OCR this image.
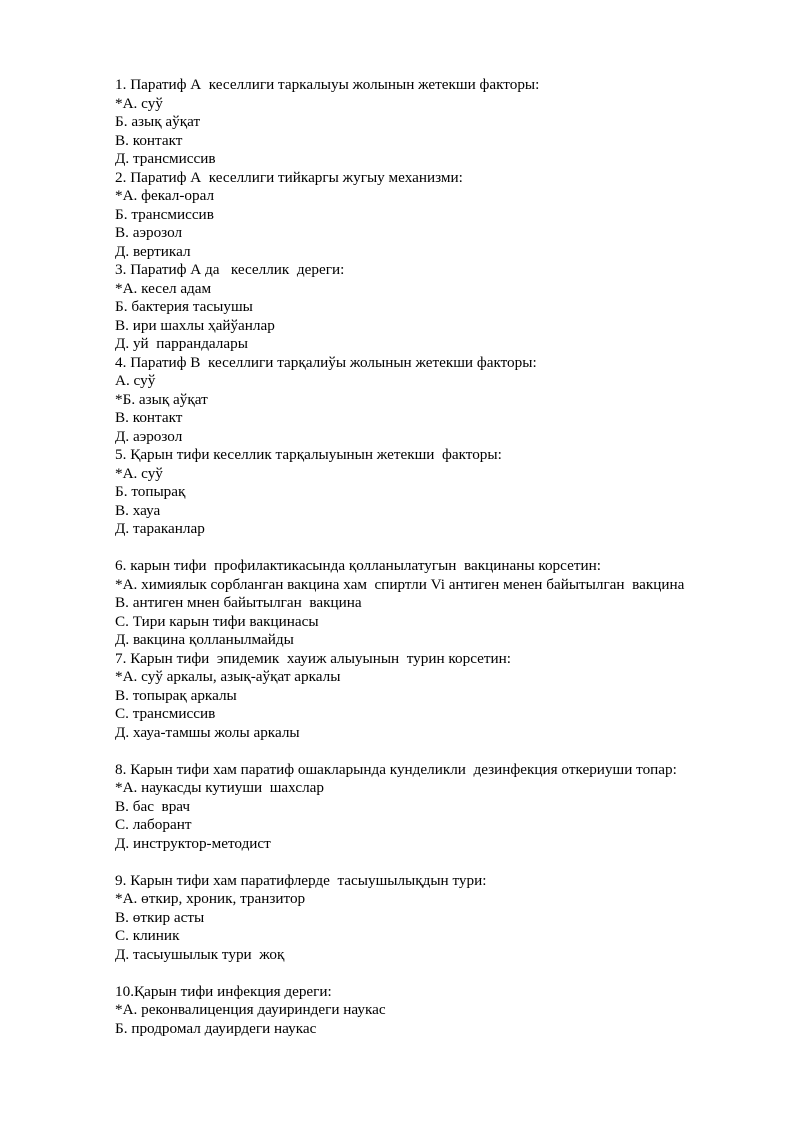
1. Паратиф А  кеселлиги таркалыуы жолынын жетекши факторы:
*А. суў
Б. азық аўқат
В. контакт
Д. трансмиссив
2. Паратиф А  кеселлиги тийкаргы жугыу механизми:
*А. фекал-орал
Б. трансмиссив
В. аэрозол
Д. вертикал
3. Паратиф А да   кеселлик  дереги:
*А. кесел адам
Б. бактерия тасыушы
В. ири шахлы ҳайўанлар
Д. уй  паррандалары
4. Паратиф В  кеселлиги тарқалиўы жолынын жетекши факторы:
А. суў
*Б. азық аўқат
В. контакт
Д. аэрозол
5. Қарын тифи кеселлик тарқалыуынын жетекши  факторы:
*А. суў
Б. топырақ
В. хауа
Д. тараканлар
6. карын тифи  профилактикасында қолланылатугын  вакцинаны корсетин:
*А. химиялык сорбланган вакцина хам  спиртли Vi антиген менен байытылган  вакцина
В. антиген мнен байытылган  вакцина
С. Тири карын тифи вакцинасы
Д. вакцина қолланылмайды
7. Карын тифи  эпидемик  хауиж алыуынын  турин корсетин:
*А. суў аркалы, азық-аўқат аркалы
В. топырақ аркалы
С. трансмиссив
Д. хауа-тамшы жолы аркалы
8. Карын тифи хам паратиф ошакларында кунделикли  дезинфекция откериуши топар:
*А. наукасды кутиуши  шахслар
В. бас  врач
С. лаборант
Д. инструктор-методист
9. Карын тифи хам паратифлерде  тасыушылықдын тури:
*А. өткир, хроник, транзитор
В. өткир асты
С. клиник
Д. тасыушылык тури  жоқ
10.Қарын тифи инфекция дереги:
*А. реконвалиценция дауириндеги наукас
Б. продромал дауирдеги наукас
